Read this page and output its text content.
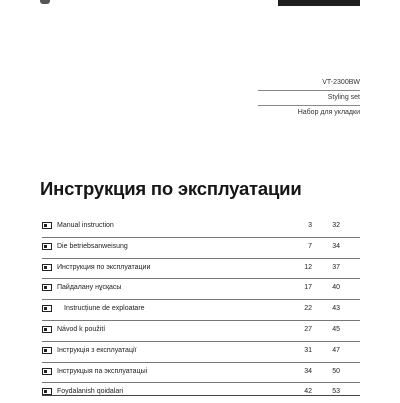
VT-2300BW
Styling set
Набор для укладки
Инструкция по эксплуатации
Manual instruction	3	32
Die betriebsanweisung	7	34
Инструкция по эксплуатации	12	37
Пайдалану нұсқасы	17	40
Instrucțiune de exploatare	22	43
Návod k použití	27	45
Інструкція з експлуатації	31	47
Інструкцыя па эксплуатацыі	34	50
Foydalanish qoidalari	42	53
